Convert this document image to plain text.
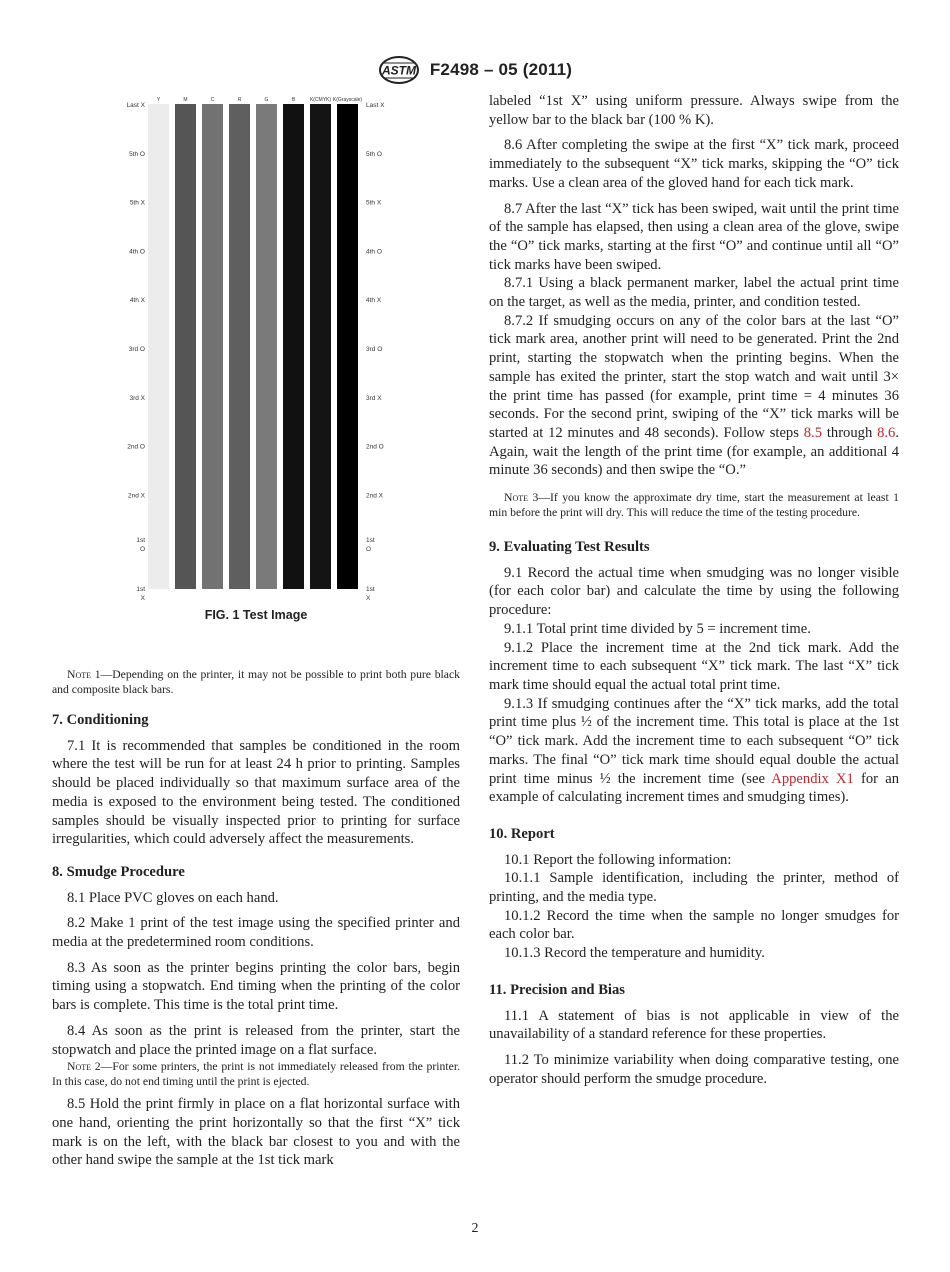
ASTM F2498 – 05 (2011)
Y	M	C	R	G	B	K(CMYK) K(Grayscale)
Last X
5th O
5th X
4th O
4th X
3rd O
3rd X
2nd O
2nd X
1st
O
1st
X
Last X
5th O
5th X
4th O
4th X
3rd O
3rd X
2nd O
2nd X
1st
O
1st
X
FIG. 1 Test Image
Note 1—Depending on the printer, it may not be possible to print both pure black and composite black bars.
7. Conditioning

7.1 It is recommended that samples be conditioned in the room where the test will be run for at least 24 h prior to printing. Samples should be placed individually so that maximum surface area of the media is exposed to the environment being tested. The conditioned samples should be visually inspected prior to printing for surface irregularities, which could adversely affect the measurements.

8. Smudge Procedure

8.1 Place PVC gloves on each hand.

8.2 Make 1 print of the test image using the specified printer and media at the predetermined room conditions.

8.3 As soon as the printer begins printing the color bars, begin timing using a stopwatch. End timing when the printing of the color bars is complete. This time is the total print time.

8.4 As soon as the print is released from the printer, start the stopwatch and place the printed image on a flat surface.

Note 2—For some printers, the print is not immediately released from the printer. In this case, do not end timing until the print is ejected.

8.5 Hold the print firmly in place on a flat horizontal surface with one hand, orienting the print horizontally so that the first “X” tick mark is on the left, with the black bar closest to you and with the other hand swipe the sample at the 1st tick mark

labeled “1st X” using uniform pressure. Always swipe from the yellow bar to the black bar (100 % K).

8.6 After completing the swipe at the first “X” tick mark, proceed immediately to the subsequent “X” tick marks, skipping the “O” tick marks. Use a clean area of the gloved hand for each tick mark.

8.7 After the last “X” tick has been swiped, wait until the print time of the sample has elapsed, then using a clean area of the glove, swipe the “O” tick marks, starting at the first “O” and continue until all “O” tick marks have been swiped.

8.7.1 Using a black permanent marker, label the actual print time on the target, as well as the media, printer, and condition tested.

8.7.2 If smudging occurs on any of the color bars at the last “O” tick mark area, another print will need to be generated. Print the 2nd print, starting the stopwatch when the printing begins. When the sample has exited the printer, start the stop watch and wait until 3× the print time has passed (for example, print time = 4 minutes 36 seconds. For the second print, swiping of the “X” tick marks will be started at 12 minutes and 48 seconds). Follow steps 8.5 through 8.6. Again, wait the length of the print time (for example, an additional 4 minute 36 seconds) and then swipe the “O.”

Note 3—If you know the approximate dry time, start the measurement at least 1 min before the print will dry. This will reduce the time of the testing procedure.
9. Evaluating Test Results

9.1 Record the actual time when smudging was no longer visible (for each color bar) and calculate the time by using the following procedure:

9.1.1 Total print time divided by 5 = increment time.

9.1.2 Place the increment time at the 2nd tick mark. Add the increment time to each subsequent “X” tick mark. The last “X” tick mark time should equal the actual total print time.

9.1.3 If smudging continues after the “X” tick marks, add the total print time plus ½ of the increment time. This total is place at the 1st “O” tick mark. Add the increment time to each subsequent “O” tick marks. The final “O” tick mark time should equal double the actual print time minus ½ the increment time (see Appendix X1 for an example of calculating increment times and smudging times).

10. Report

10.1 Report the following information:

10.1.1 Sample identification, including the printer, method of printing, and the media type.

10.1.2 Record the time when the sample no longer smudges for each color bar.

10.1.3 Record the temperature and humidity.

11. Precision and Bias

11.1 A statement of bias is not applicable in view of the unavailability of a standard reference for these properties.

11.2 To minimize variability when doing comparative testing, one operator should perform the smudge procedure.

2
